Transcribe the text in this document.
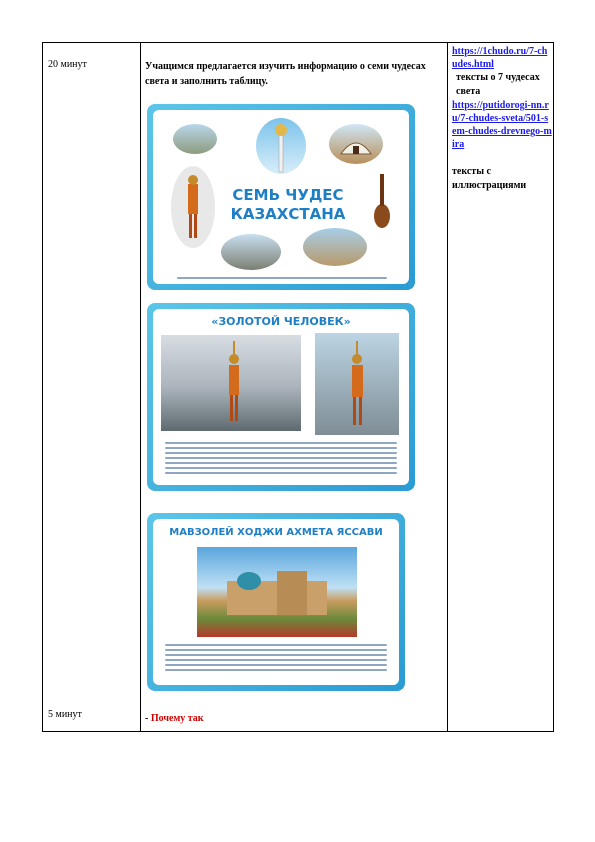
20 минут
5 минут
Учащимся предлагается изучить информацию о семи чудесах света и заполнить таблицу.
- Почему так
https://1chudo.ru/7-chudes.html
тексты о 7 чудесах света
https://putidorogi-nn.ru/7-chudes-sveta/501-sem-chudes-drevnego-mira
тексты с иллюстрациями
СЕМЬ ЧУДЕС
КАЗАХСТАНА
«ЗОЛОТОЙ ЧЕЛОВЕК»
МАВЗОЛЕЙ ХОДЖИ АХМЕТА ЯССАВИ
